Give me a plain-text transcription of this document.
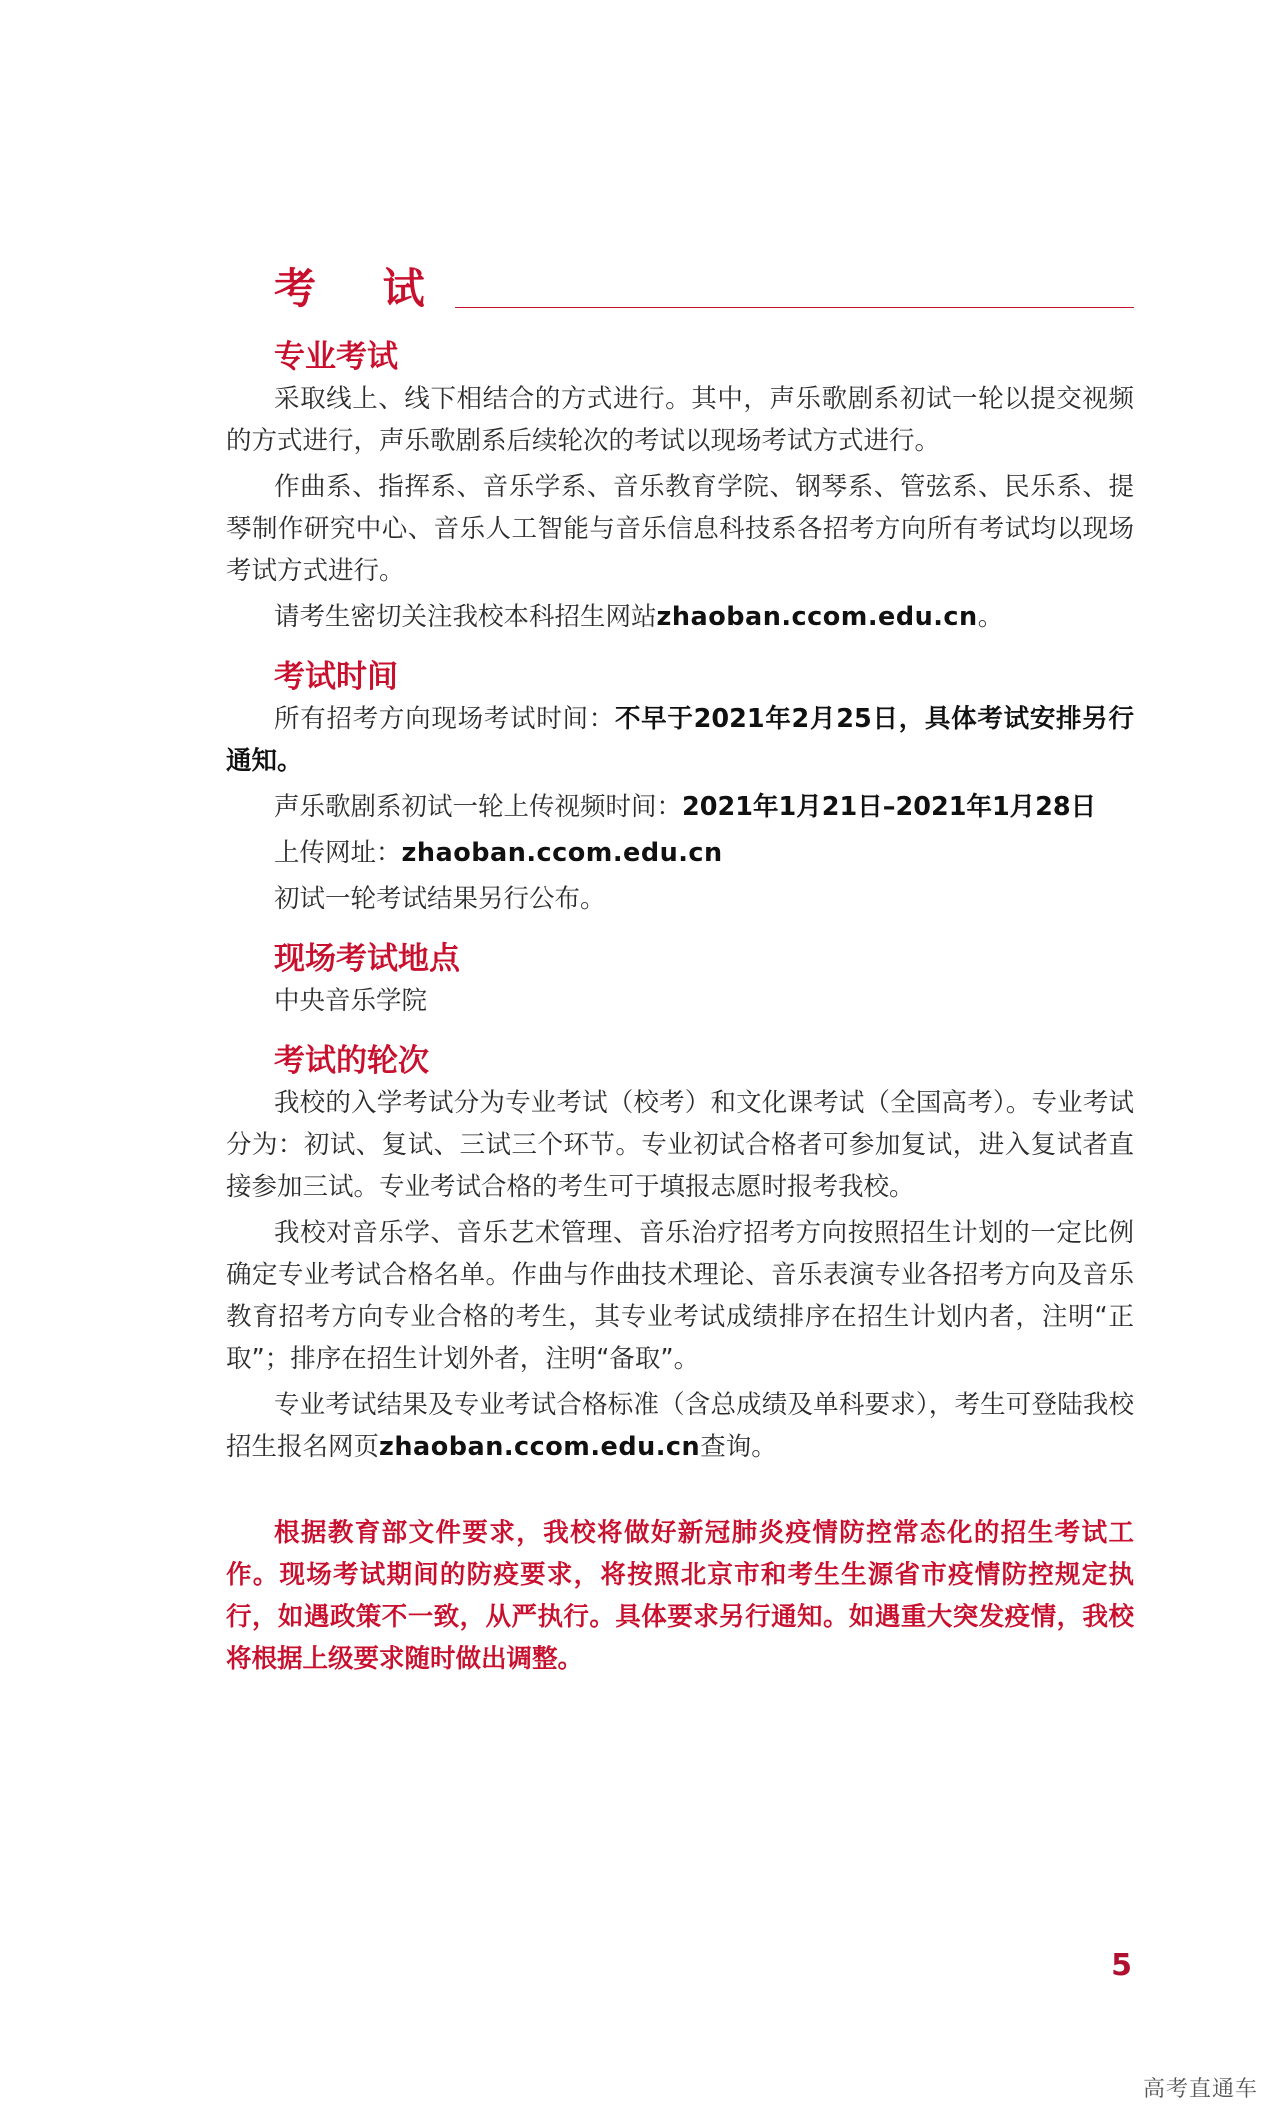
考 试
专业考试

采取线上、线下相结合的方式进行。其中，声乐歌剧系初试一轮以提交视频的方式进行，声乐歌剧系后续轮次的考试以现场考试方式进行。

作曲系、指挥系、音乐学系、音乐教育学院、钢琴系、管弦系、民乐系、提琴制作研究中心、音乐人工智能与音乐信息科技系各招考方向所有考试均以现场考试方式进行。

请考生密切关注我校本科招生网站zhaoban.ccom.edu.cn。

考试时间

所有招考方向现场考试时间：不早于2021年2月25日，具体考试安排另行通知。

声乐歌剧系初试一轮上传视频时间：2021年1月21日–2021年1月28日

上传网址：zhaoban.ccom.edu.cn

初试一轮考试结果另行公布。

现场考试地点

中央音乐学院

考试的轮次

我校的入学考试分为专业考试（校考）和文化课考试（全国高考）。专业考试分为：初试、复试、三试三个环节。专业初试合格者可参加复试，进入复试者直接参加三试。专业考试合格的考生可于填报志愿时报考我校。

我校对音乐学、音乐艺术管理、音乐治疗招考方向按照招生计划的一定比例确定专业考试合格名单。作曲与作曲技术理论、音乐表演专业各招考方向及音乐教育招考方向专业合格的考生，其专业考试成绩排序在招生计划内者，注明“正取”；排序在招生计划外者，注明“备取”。

专业考试结果及专业考试合格标准（含总成绩及单科要求），考生可登陆我校招生报名网页zhaoban.ccom.edu.cn查询。

根据教育部文件要求，我校将做好新冠肺炎疫情防控常态化的招生考试工作。现场考试期间的防疫要求，将按照北京市和考生生源省市疫情防控规定执行，如遇政策不一致，从严执行。具体要求另行通知。如遇重大突发疫情，我校将根据上级要求随时做出调整。

5
高考直通车
